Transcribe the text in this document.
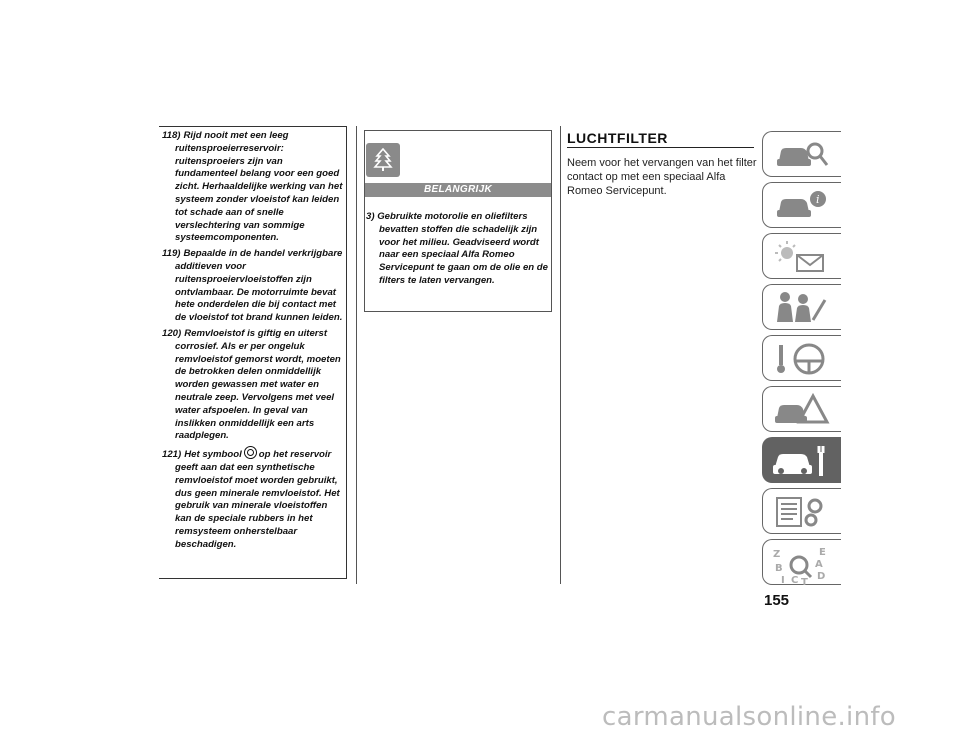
118) Rijd nooit met een leeg ruitensproeierreservoir: ruitensproeiers zijn van fundamenteel belang voor een goed zicht. Herhaaldelijke werking van het systeem zonder vloeistof kan leiden tot schade aan of snelle verslechtering van sommige systeemcomponenten.
119) Bepaalde in de handel verkrijgbare additieven voor ruitensproeiervloeistoffen zijn ontvlambaar. De motorruimte bevat hete onderdelen die bij contact met de vloeistof tot brand kunnen leiden.
120) Remvloeistof is giftig en uiterst corrosief. Als er per ongeluk remvloeistof gemorst wordt, moeten de betrokken delen onmiddellijk worden gewassen met water en neutrale zeep. Vervolgens met veel water afspoelen. In geval van inslikken onmiddellijk een arts raadplegen.
121) Het symbool op het reservoir geeft aan dat een synthetische remvloeistof moet worden gebruikt, dus geen minerale remvloeistof. Het gebruik van minerale vloeistoffen kan de speciale rubbers in het remsysteem onherstelbaar beschadigen.
BELANGRIJK

3) Gebruikte motorolie en oliefilters bevatten stoffen die schadelijk zijn voor het milieu. Geadviseerd wordt naar een speciaal Alfa Romeo Servicepunt te gaan om de olie en de filters te laten vervangen.

LUCHTFILTER

Neem voor het vervangen van het filter contact op met een speciaal Alfa Romeo Servicepunt.

i
Z	E
B	A
I C T
D
155
carmanualsonline.info
